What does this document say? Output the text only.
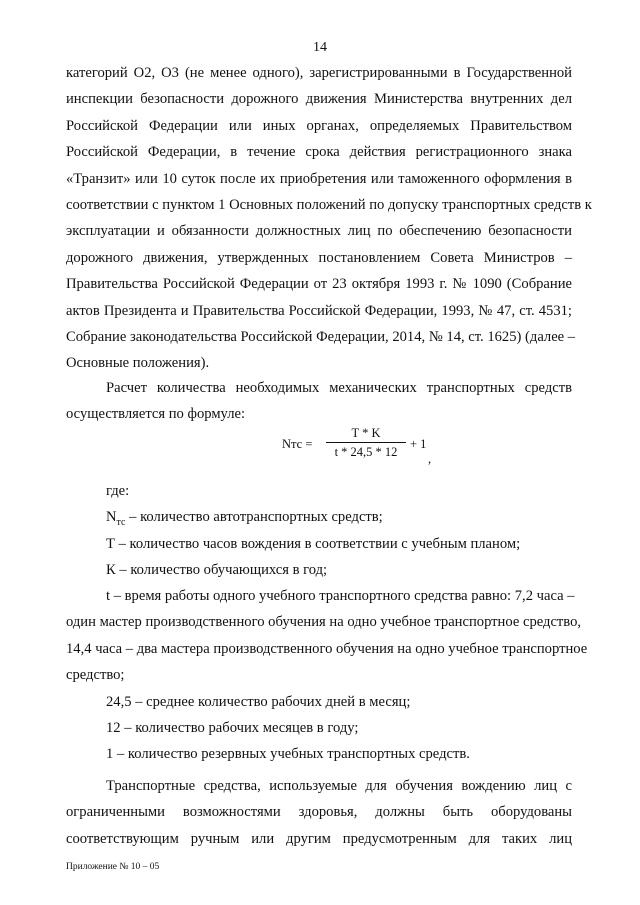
14
категорий О2, О3 (не менее одного), зарегистрированными в Государственной
инспекции безопасности дорожного движения Министерства внутренних дел
Российской Федерации или иных органах, определяемых Правительством
Российской Федерации, в течение срока действия регистрационного знака
«Транзит» или 10 суток после их приобретения или таможенного оформления в
соответствии с пунктом 1 Основных положений по допуску транспортных средств к
эксплуатации и обязанности должностных лиц по обеспечению безопасности
дорожного движения, утвержденных постановлением Совета Министров –
Правительства Российской Федерации от 23 октября 1993 г. № 1090 (Собрание
актов Президента и Правительства Российской Федерации, 1993, № 47, ст. 4531;
Собрание законодательства Российской Федерации, 2014, № 14, ст. 1625) (далее –
Основные положения).
Расчет количества необходимых механических транспортных средств
осуществляется по формуле:
Nтс = $\frac{T * K}{t * 24,5 * 12} + 1$
,

где:

$N_{тс}$ – количество автотранспортных средств;

Т – количество часов вождения в соответствии с учебным планом;

К – количество обучающихся в год;

t – время работы одного учебного транспортного средства равно: 7,2 часа –
один мастер производственного обучения на одно учебное транспортное средство,
14,4 часа – два мастера производственного обучения на одно учебное транспортное
средство;

24,5 – среднее количество рабочих дней в месяц;

12 – количество рабочих месяцев в году;

1 – количество резервных учебных транспортных средств.

Транспортные средства, используемые для обучения вождению лиц с
ограниченными возможностями здоровья, должны быть оборудованы
соответствующим ручным или другим предусмотренным для таких лиц
Приложение № 10 – 05
